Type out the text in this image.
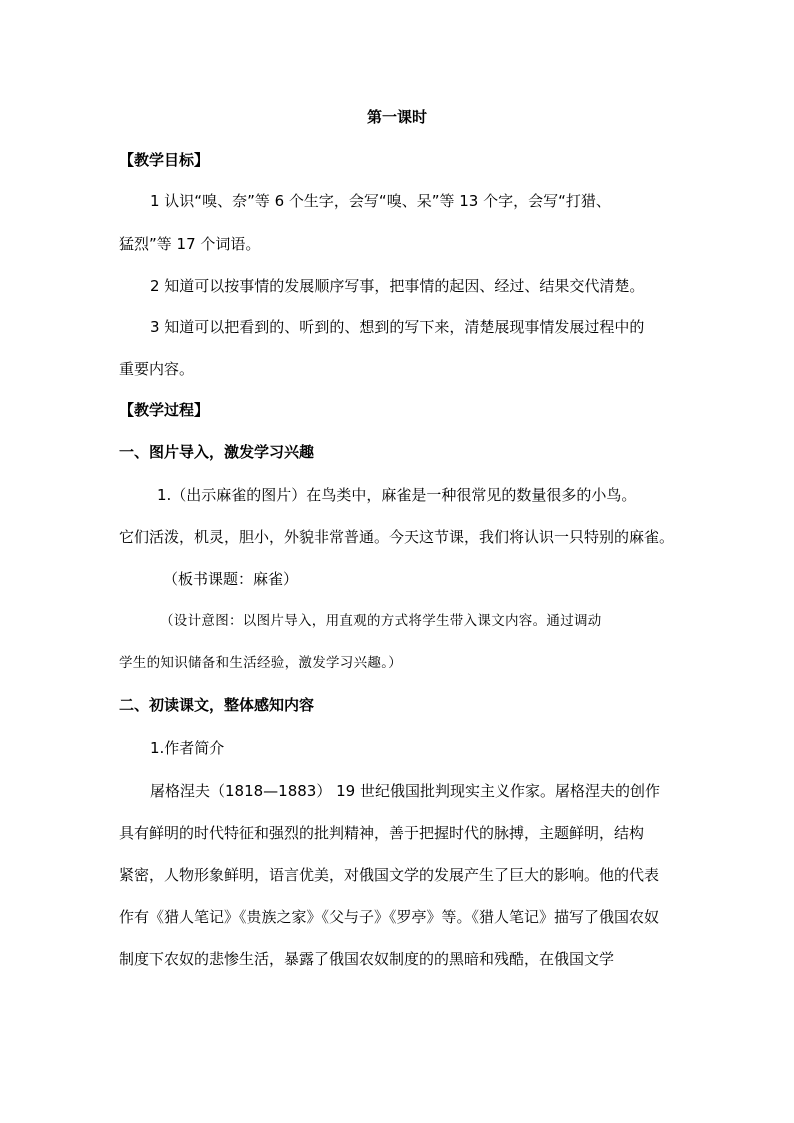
第一课时
【教学目标】
1 认识“嗅、奈”等 6 个生字，会写“嗅、呆”等 13 个字，会写“打猎、
猛烈”等 17 个词语。
2 知道可以按事情的发展顺序写事，把事情的起因、经过、结果交代清楚。
3 知道可以把看到的、听到的、想到的写下来，清楚展现事情发展过程中的
重要内容。
【教学过程】
一、图片导入，激发学习兴趣
1.（出示麻雀的图片）在鸟类中，麻雀是一种很常见的数量很多的小鸟。
它们活泼，机灵，胆小，外貌非常普通。今天这节课，我们将认识一只特别的麻雀。
（板书课题：麻雀）
（设计意图：以图片导入，用直观的方式将学生带入课文内容。通过调动
学生的知识储备和生活经验，激发学习兴趣。）
二、初读课文，整体感知内容
1.作者简介
屠格涅夫（1818—1883） 19 世纪俄国批判现实主义作家。屠格涅夫的创作
具有鲜明的时代特征和强烈的批判精神，善于把握时代的脉搏，主题鲜明，结构
紧密，人物形象鲜明，语言优美，对俄国文学的发展产生了巨大的影响。他的代表
作有《猎人笔记》《贵族之家》《父与子》《罗亭》等。《猎人笔记》描写了俄国农奴
制度下农奴的悲惨生活，暴露了俄国农奴制度的的黑暗和残酷，在俄国文学
